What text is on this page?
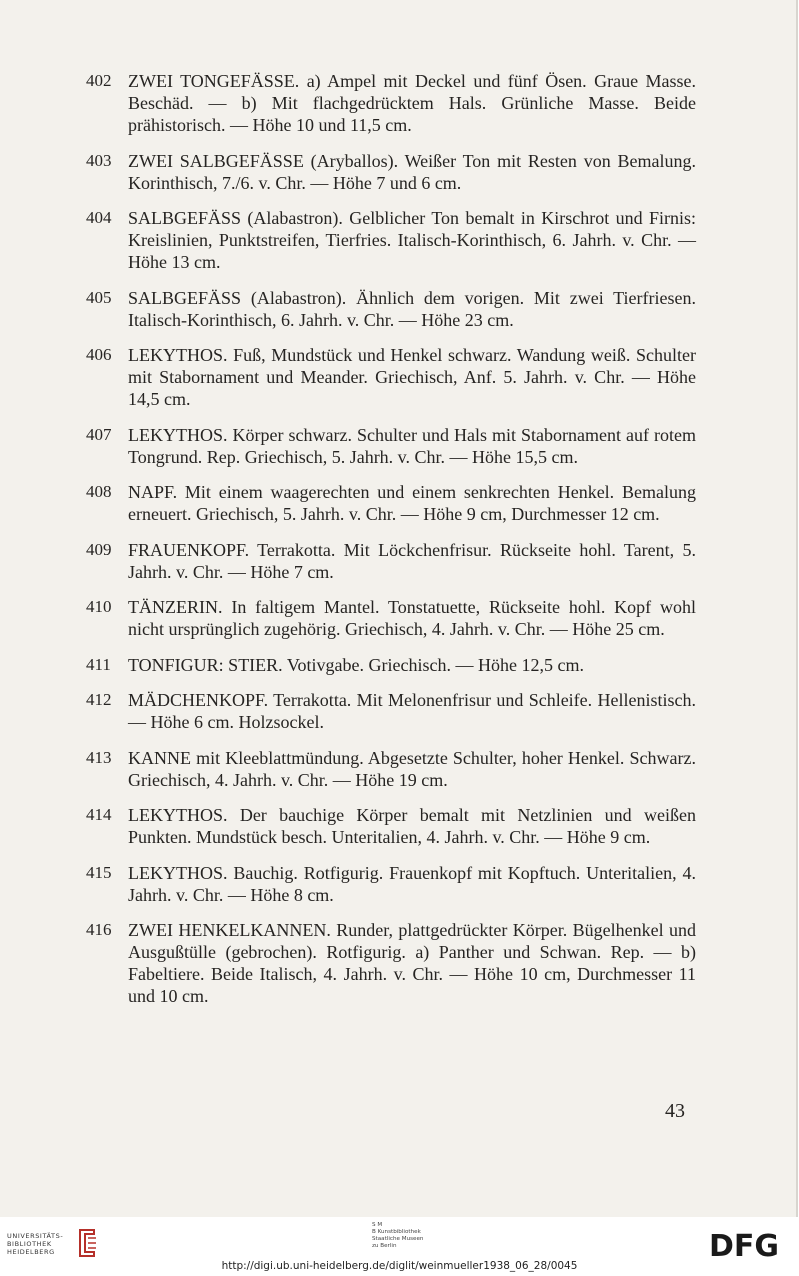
402 ZWEI TONGEFÄSSE. a) Ampel mit Deckel und fünf Ösen. Graue Masse. Beschäd. — b) Mit flachgedrücktem Hals. Grünliche Masse. Beide prähistorisch. — Höhe 10 und 11,5 cm.
403 ZWEI SALBGEFÄSSE (Aryballos). Weißer Ton mit Resten von Bemalung. Korinthisch, 7./6. v. Chr. — Höhe 7 und 6 cm.
404 SALBGEFÄSS (Alabastron). Gelblicher Ton bemalt in Kirschrot und Firnis: Kreislinien, Punktstreifen, Tierfries. Italisch-Korinthisch, 6. Jahrh. v. Chr. — Höhe 13 cm.
405 SALBGEFÄSS (Alabastron). Ähnlich dem vorigen. Mit zwei Tierfriesen. Italisch-Korinthisch, 6. Jahrh. v. Chr. — Höhe 23 cm.
406 LEKYTHOS. Fuß, Mundstück und Henkel schwarz. Wandung weiß. Schulter mit Stabornament und Meander. Griechisch, Anf. 5. Jahrh. v. Chr. — Höhe 14,5 cm.
407 LEKYTHOS. Körper schwarz. Schulter und Hals mit Stabornament auf rotem Tongrund. Rep. Griechisch, 5. Jahrh. v. Chr. — Höhe 15,5 cm.
408 NAPF. Mit einem waagerechten und einem senkrechten Henkel. Bemalung erneuert. Griechisch, 5. Jahrh. v. Chr. — Höhe 9 cm, Durchmesser 12 cm.
409 FRAUENKOPF. Terrakotta. Mit Löckchenfrisur. Rückseite hohl. Tarent, 5. Jahrh. v. Chr. — Höhe 7 cm.
410 TÄNZERIN. In faltigem Mantel. Tonstatuette, Rückseite hohl. Kopf wohl nicht ursprünglich zugehörig. Griechisch, 4. Jahrh. v. Chr. — Höhe 25 cm.
411 TONFIGUR: STIER. Votivgabe. Griechisch. — Höhe 12,5 cm.
412 MÄDCHENKOPF. Terrakotta. Mit Melonenfrisur und Schleife. Hellenistisch. — Höhe 6 cm. Holzsockel.
413 KANNE mit Kleeblattmündung. Abgesetzte Schulter, hoher Henkel. Schwarz. Griechisch, 4. Jahrh. v. Chr. — Höhe 19 cm.
414 LEKYTHOS. Der bauchige Körper bemalt mit Netzlinien und weißen Punkten. Mundstück besch. Unteritalien, 4. Jahrh. v. Chr. — Höhe 9 cm.
415 LEKYTHOS. Bauchig. Rotfigurig. Frauenkopf mit Kopftuch. Unteritalien, 4. Jahrh. v. Chr. — Höhe 8 cm.
416 ZWEI HENKELKANNEN. Runder, plattgedrückter Körper. Bügelhenkel und Ausgußtülle (gebrochen). Rotfigurig. a) Panther und Schwan. Rep. — b) Fabeltiere. Beide Italisch, 4. Jahrh. v. Chr. — Höhe 10 cm, Durchmesser 11 und 10 cm.
43
UNIVERSITÄTS-
BIBLIOTHEK
HEIDELBERG
S M
B Kunstbibliothek
Staatliche Museen
zu Berlin	DFG
http://digi.ub.uni-heidelberg.de/diglit/weinmueller1938_06_28/0045
